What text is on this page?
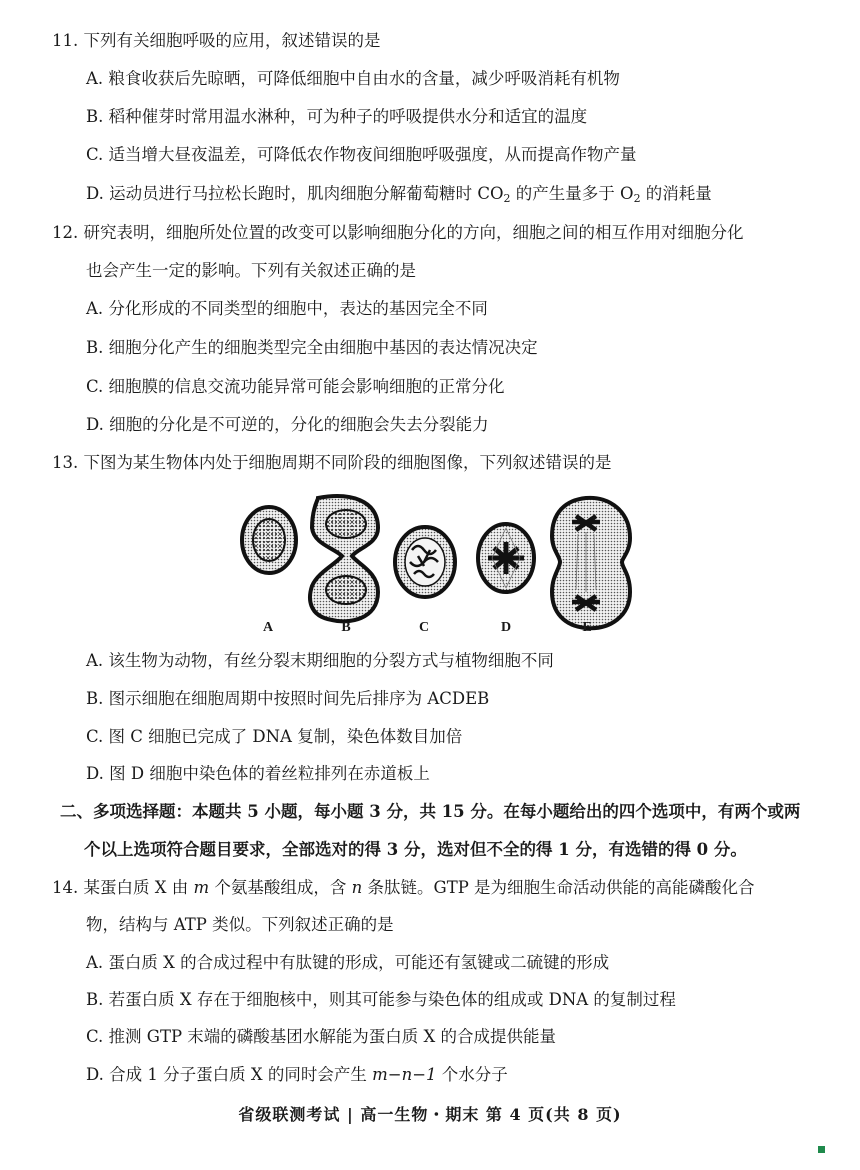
11. 下列有关细胞呼吸的应用，叙述错误的是
A. 粮食收获后先晾晒，可降低细胞中自由水的含量，减少呼吸消耗有机物
B. 稻种催芽时常用温水淋种，可为种子的呼吸提供水分和适宜的温度
C. 适当增大昼夜温差，可降低农作物夜间细胞呼吸强度，从而提高作物产量
D. 运动员进行马拉松长跑时，肌肉细胞分解葡萄糖时 $CO_2$ 的产生量多于 $O_2$ 的消耗量
12. 研究表明，细胞所处位置的改变可以影响细胞分化的方向，细胞之间的相互作用对细胞分化
也会产生一定的影响。下列有关叙述正确的是
A. 分化形成的不同类型的细胞中，表达的基因完全不同
B. 细胞分化产生的细胞类型完全由细胞中基因的表达情况决定
C. 细胞膜的信息交流功能异常可能会影响细胞的正常分化
D. 细胞的分化是不可逆的，分化的细胞会失去分裂能力
13. 下图为某生物体内处于细胞周期不同阶段的细胞图像，下列叙述错误的是
A	B	C	D	E
A. 该生物为动物，有丝分裂末期细胞的分裂方式与植物细胞不同
B. 图示细胞在细胞周期中按照时间先后排序为 ACDEB
C. 图 C 细胞已完成了 DNA 复制，染色体数目加倍
D. 图 D 细胞中染色体的着丝粒排列在赤道板上
二、多项选择题：本题共 5 小题，每小题 3 分，共 15 分。在每小题给出的四个选项中，有两个或两
个以上选项符合题目要求，全部选对的得 3 分，选对但不全的得 1 分，有选错的得 0 分。
14. 某蛋白质 X 由 m 个氨基酸组成，含 n 条肽链。GTP 是为细胞生命活动供能的高能磷酸化合
物，结构与 ATP 类似。下列叙述正确的是
A. 蛋白质 X 的合成过程中有肽键的形成，可能还有氢键或二硫键的形成
B. 若蛋白质 X 存在于细胞核中，则其可能参与染色体的组成或 DNA 的复制过程
C. 推测 GTP 末端的磷酸基团水解能为蛋白质 X 的合成提供能量
D. 合成 1 分子蛋白质 X 的同时会产生 m−n−1 个水分子
省级联测考试 | 高一生物・期末 第 4 页(共 8 页)
